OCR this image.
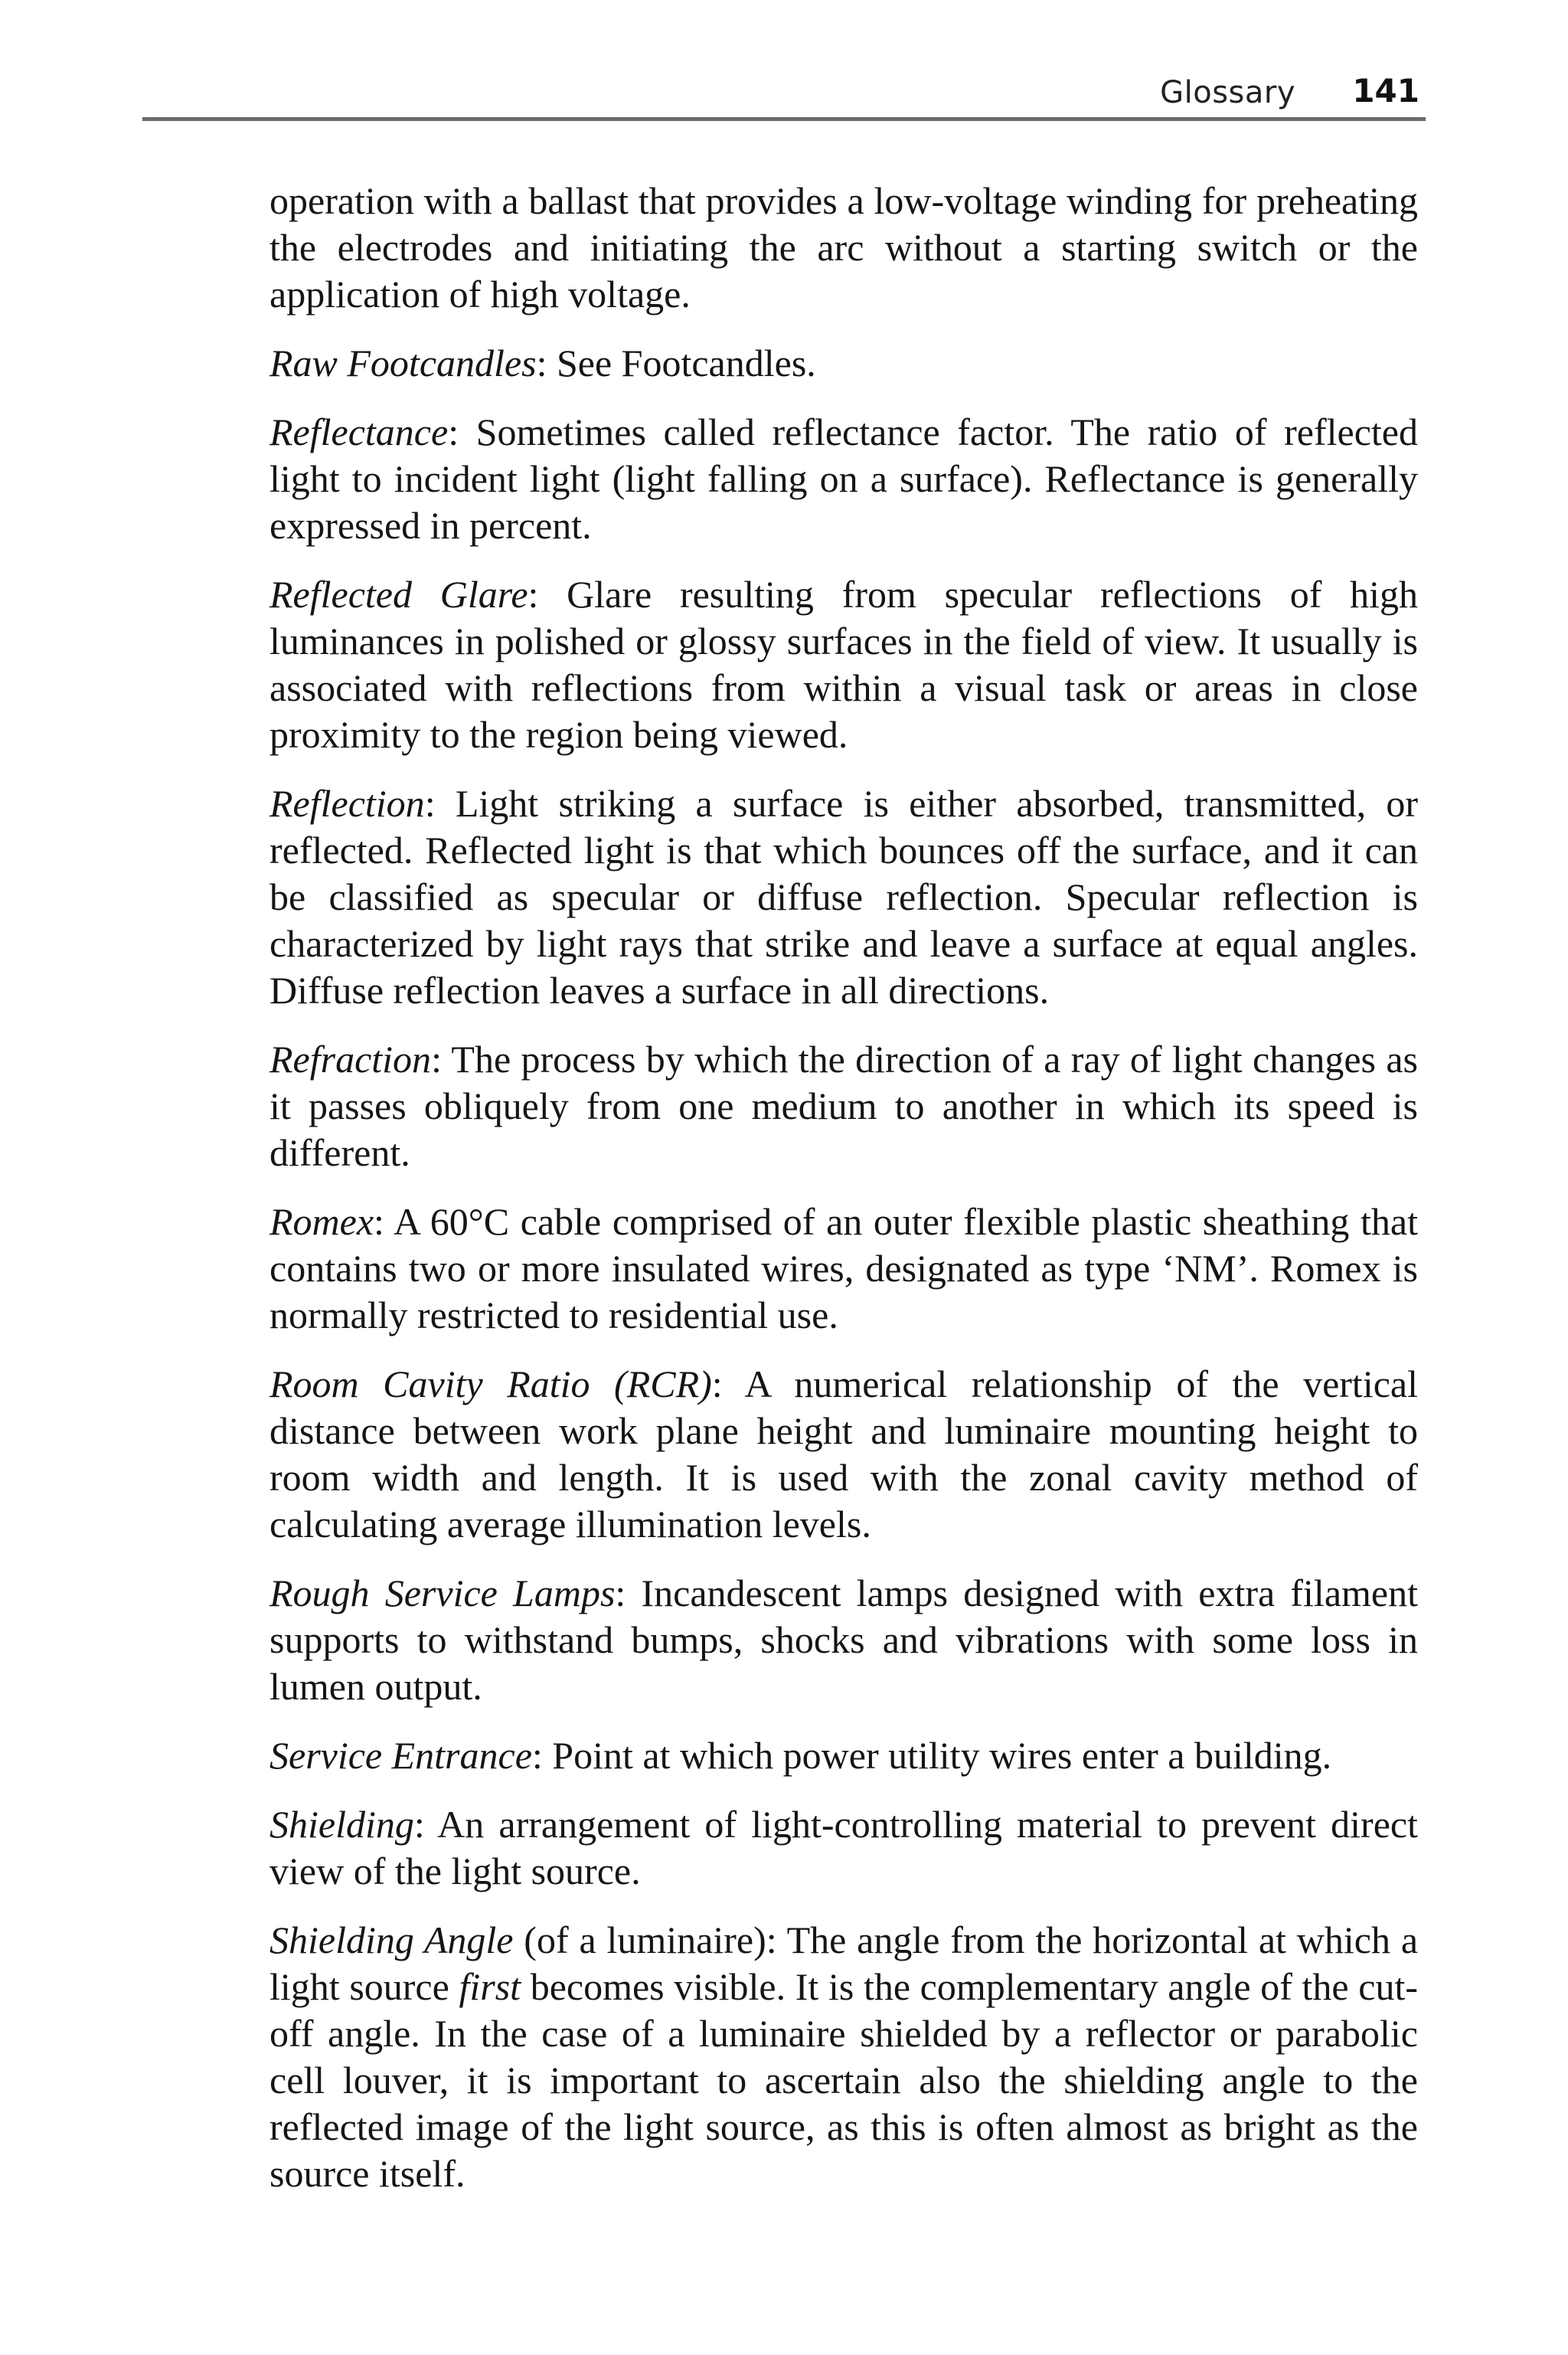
Glossary 141

operation with a ballast that provides a low-voltage winding for preheating the electrodes and initiating the arc without a starting switch or the application of high voltage.

Raw Footcandles: See Footcandles.

Reflectance: Sometimes called reflectance factor. The ratio of reflected light to incident light (light falling on a surface). Reflectance is generally expressed in percent.

Reflected Glare: Glare resulting from specular reflections of high luminances in polished or glossy surfaces in the field of view. It usually is associated with reflections from within a visual task or areas in close proximity to the region being viewed.

Reflection: Light striking a surface is either absorbed, transmitted, or reflected. Reflected light is that which bounces off the surface, and it can be classified as specular or diffuse reflection. Specular reflection is characterized by light rays that strike and leave a surface at equal angles. Diffuse reflection leaves a surface in all directions.

Refraction: The process by which the direction of a ray of light changes as it passes obliquely from one medium to another in which its speed is different.

Romex: A 60°C cable comprised of an outer flexible plastic sheathing that contains two or more insulated wires, designated as type ‘NM’. Romex is normally restricted to residential use.

Room Cavity Ratio (RCR): A numerical relationship of the vertical distance between work plane height and luminaire mounting height to room width and length. It is used with the zonal cavity method of calculating average illumination levels.

Rough Service Lamps: Incandescent lamps designed with extra filament supports to withstand bumps, shocks and vibrations with some loss in lumen output.

Service Entrance: Point at which power utility wires enter a building.

Shielding: An arrangement of light-controlling material to prevent direct view of the light source.

Shielding Angle (of a luminaire): The angle from the horizontal at which a light source first becomes visible. It is the complementary angle of the cut-off angle. In the case of a luminaire shielded by a reflector or parabolic cell louver, it is important to ascertain also the shielding angle to the reflected image of the light source, as this is often almost as bright as the source itself.
